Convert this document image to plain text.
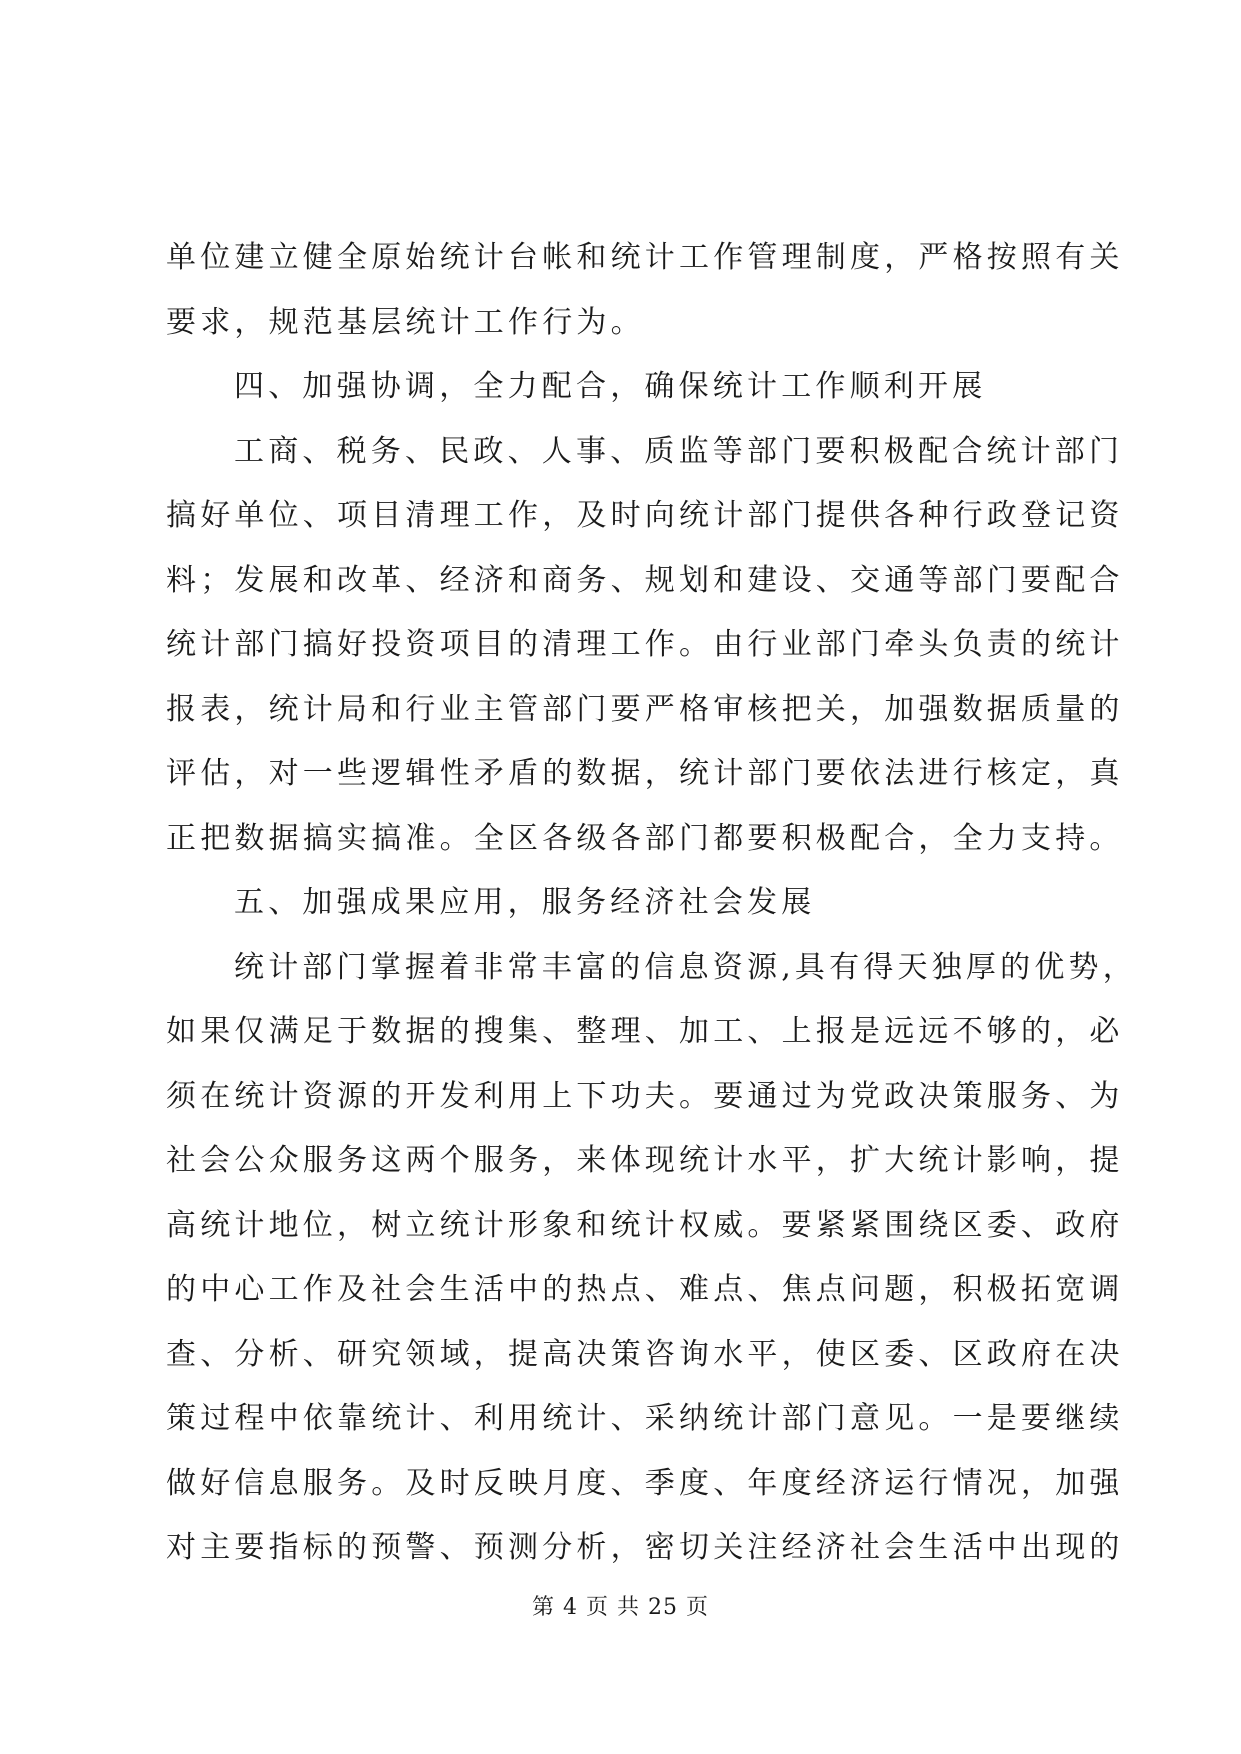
单位建立健全原始统计台帐和统计工作管理制度，严格按照有关
要求，规范基层统计工作行为。
四、加强协调，全力配合，确保统计工作顺利开展
工商、税务、民政、人事、质监等部门要积极配合统计部门
搞好单位、项目清理工作，及时向统计部门提供各种行政登记资
料；发展和改革、经济和商务、规划和建设、交通等部门要配合
统计部门搞好投资项目的清理工作。由行业部门牵头负责的统计
报表，统计局和行业主管部门要严格审核把关，加强数据质量的
评估，对一些逻辑性矛盾的数据，统计部门要依法进行核定，真
正把数据搞实搞准。全区各级各部门都要积极配合，全力支持。
五、加强成果应用，服务经济社会发展
统计部门掌握着非常丰富的信息资源,具有得天独厚的优势，
如果仅满足于数据的搜集、整理、加工、上报是远远不够的，必
须在统计资源的开发利用上下功夫。要通过为党政决策服务、为
社会公众服务这两个服务，来体现统计水平，扩大统计影响，提
高统计地位，树立统计形象和统计权威。要紧紧围绕区委、政府
的中心工作及社会生活中的热点、难点、焦点问题，积极拓宽调
查、分析、研究领域，提高决策咨询水平，使区委、区政府在决
策过程中依靠统计、利用统计、采纳统计部门意见。一是要继续
做好信息服务。及时反映月度、季度、年度经济运行情况，加强
对主要指标的预警、预测分析，密切关注经济社会生活中出现的
第 4 页 共 25 页
